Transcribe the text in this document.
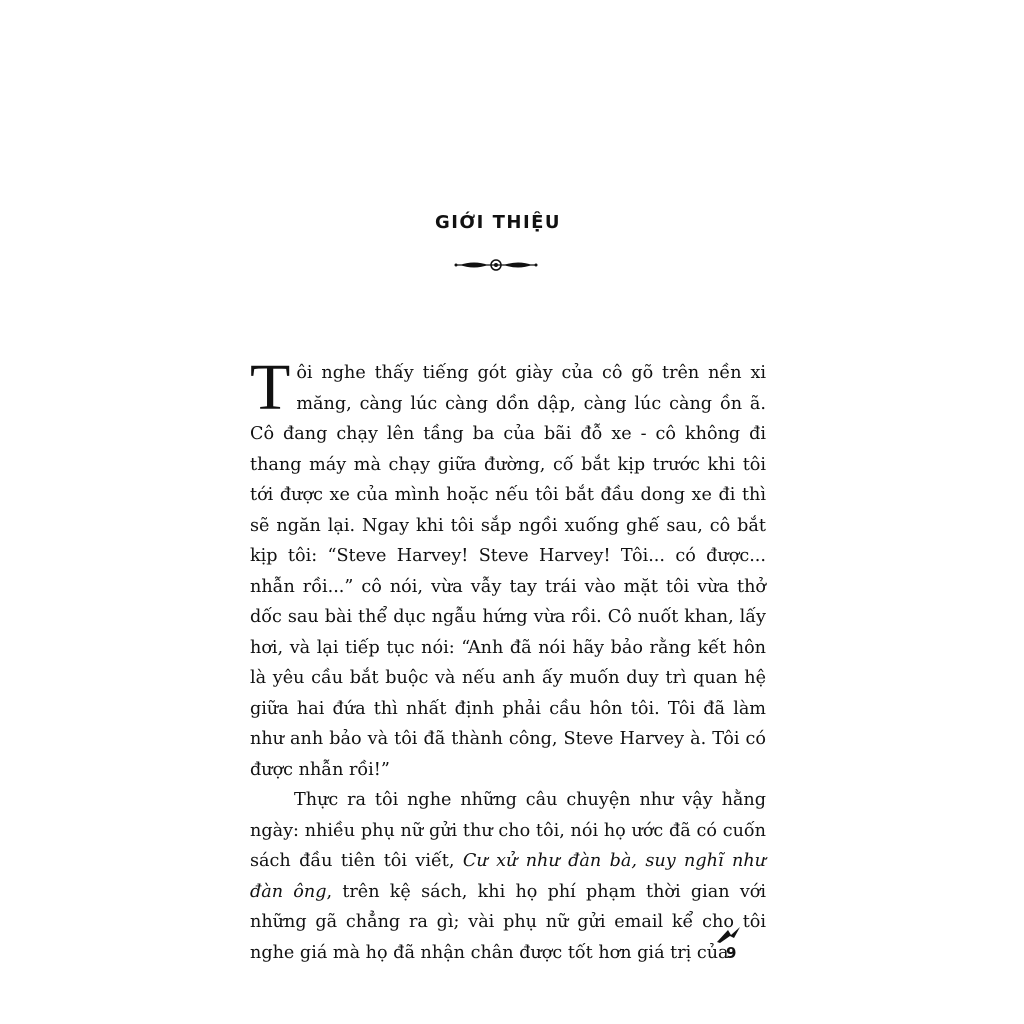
GIỚI THIỆU

Tôi nghe thấy tiếng gót giày của cô gõ trên nền xi măng, càng lúc càng dồn dập, càng lúc càng ồn ã. Cô đang chạy lên tầng ba của bãi đỗ xe - cô không đi thang máy mà chạy giữa đường, cố bắt kịp trước khi tôi tới được xe của mình hoặc nếu tôi bắt đầu dong xe đi thì sẽ ngăn lại. Ngay khi tôi sắp ngồi xuống ghế sau, cô bắt kịp tôi: “Steve Harvey! Steve Harvey! Tôi... có được... nhẫn rồi...” cô nói, vừa vẫy tay trái vào mặt tôi vừa thở dốc sau bài thể dục ngẫu hứng vừa rồi. Cô nuốt khan, lấy hơi, và lại tiếp tục nói: “Anh đã nói hãy bảo rằng kết hôn là yêu cầu bắt buộc và nếu anh ấy muốn duy trì quan hệ giữa hai đứa thì nhất định phải cầu hôn tôi. Tôi đã làm như anh bảo và tôi đã thành công, Steve Harvey à. Tôi có được nhẫn rồi!”

Thực ra tôi nghe những câu chuyện như vậy hằng ngày: nhiều phụ nữ gửi thư cho tôi, nói họ ước đã có cuốn sách đầu tiên tôi viết, Cư xử như đàn bà, suy nghĩ như đàn ông, trên kệ sách, khi họ phí phạm thời gian với những gã chẳng ra gì; vài phụ nữ gửi email kể cho tôi nghe giá mà họ đã nhận chân được tốt hơn giá trị của

9
